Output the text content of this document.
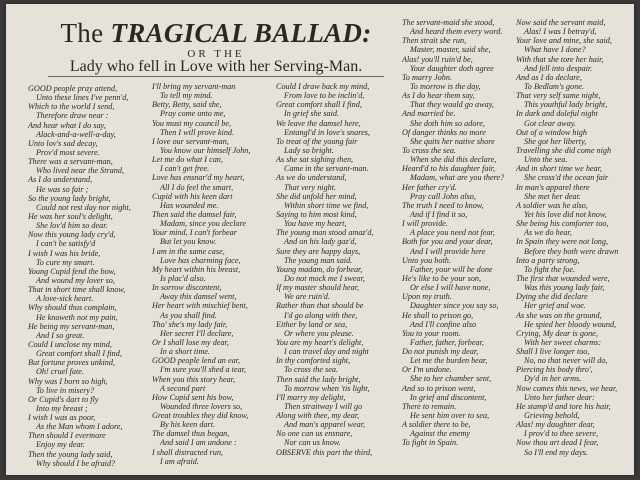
The TRAGICAL BALLAD:
OR THE
Lady who fell in Love with her Serving-Man.
GOOD people pray attend,
Unto these lines I've penn'd,
Which to the world I send,
Therefore draw near :
And hear what I do say,
Alack-and-a-well-a-day,
Unto lov's sad decay,
Prov'd most severe.
There was a servant-man,
Who lived near the Strand,
As I do understand,
He was so fair ;
So the young lady bright,
Could not rest day nor night,
He was her soul's delight,
She lov'd him so dear.
Now this young lady cry'd,
I can't be satisfy'd
I wish I was his bride,
To cure my smart.
Young Cupid fend the bow,
And wound my lover so,
That in short time shall know,
A love-sick heart.
Why should thus complain,
He knoweth not my pain,
He being my servant-man,
And I so great.
Could I unclose my mind,
Great comfort shall I find,
But fortune proves unkind,
Oh! cruel fate.
Why was I born so high,
To live in misery?
Or Cupid's dart to fly
Into my breast ;
I wish I was as poor,
As the Man whom I adore,
Then should I evermore
Enjoy my dear.
Then the young lady said,
Why should I be afraid?
I'll bring my servant-man
To tell my mind.
Betty, Betty, said she,
Pray come unto me,
You must my council be,
Then I will prove kind.
I love our servant-man,
You know our himself John,
Let me do what I can,
I can't get free.
Love has ensnar'd my heart,
All I do feel the smart,
Cupid with his keen dart
Has wounded me.
Then said the damsel fair,
Madam, since you declare
Your mind, I can't forbear
But let you know.
I am in the same case,
Love has charming face,
My heart within his breast,
Is plac'd also.
In sorrow discontent,
Away this damsel went,
Her heart with mischief bent,
As you shall find.
Tho' she's my lady fair,
Her secret I'll declare,
Or I shall lose my dear,
In a short time.
GOOD people lend an ear,
I'm sure you'll shed a tear,
When you this story hear,
A second part
How Cupid sent his bow,
Wounded three lovers so,
Great troubles they did know,
By his keen dart.
The damsel thus began,
And said I am undone :
I shall distracted run,
I am afraid.
Could I draw back my mind,
From love to be inclin'd,
Great comfort shall I find,
In grief she said.
We leave the damsel here,
Entangl'd in love's snares,
To treat of the young fair
Lady so bright.
As she sat sighing then,
Came in the servant-man.
As we do understand,
That very night.
She did unfold her mind,
Within short time we find,
Saying to him most kind,
You have my heart,
The young man stood amaz'd,
And on his lady gaz'd,
Sure they are happy days,
The young man said.
Young madam, do forbear,
Do not mock me I swear,
If my master should hear,
We are ruin'd.
Rather than that should be
I'd go along with thee,
Either by land or sea,
Or where you please.
You are my heart's delight,
I can travel day and night
In thy comforted sight,
To cross the sea.
Then said the lady bright,
To morrow when 'tis light,
I'll marry my delight,
Then straitway I will go
Along with thee, my dear,
And man's apparel wear,
No one can us ensnare,
Nor can us know.
OBSERVE this part the third,
The servant-maid she stood,
And heard them every word.
Then strait she run,
Master, master, said she,
Alas! you'll ruin'd be,
Your daughter doth agree
To marry John.
To morrow is the day,
As I do hear them say,
That they would go away,
And married be.
She doth him so adore,
Of danger thinks no more
She quits her native shore
To cross the sea.
When she did this declare,
Heard'd to his daughter fair,
Madam, what are you there?
Her father cry'd.
Pray call John also,
The truth I need to know,
And if I find it so,
I will provide.
A place you need not fear,
Both for you and your dear,
And I will provide here
Unto you both.
Father, your will be done
He's like to be your son,
Or else I will have none,
Upon my truth.
Daughter since you say so,
He shall to prison go,
And I'll confine also
You to your room.
Father, father, forbear,
Do not punish my dear,
Let me the burden bear,
Or I'm undone.
She to her chamber sent,
And so to prison went,
In grief and discontent,
There to remain.
He sent him over to sea,
A soldier there to be,
Against the enemy
To fight in Spain.
Now said the servant maid,
Alas! I was I betray'd,
Your love and mine, she said,
What have I done?
With that she tore her hair,
And fell into despair.
And as I do declare,
To Bedlam's gone.
That very self same night,
This youthful lady bright,
In dark and doleful night
Got clear away.
Out of a window high
She got her liberty,
Travelling she did come nigh
Unto the sea.
And in short time we hear,
She cross'd the ocean fair
In man's apparel there
She met her dear.
A soldier was he also,
Yet his love did not know,
She being his comforter too,
As we do hear,
In Spain they were not long,
Before they both were drawn
Into a party strong,
To fight the foe.
The first that wounded were,
Was this young lady fair,
Dying she did declare
Her grief and woe.
As she was on the ground,
He spied her bloody wound,
Crying, My dear is gone,
With her sweet charms:
Shall I live longer too,
No, no that never will do,
Piercing his body thro',
Dy'd in her arms.
Now comes this news, we hear,
Unto her father dear:
He stamp'd and tore his hair,
Grieving behold,
Alas! my daughter dear,
I prov'd to thee severe,
Now thou art dead I fear,
So I'll end my days.
